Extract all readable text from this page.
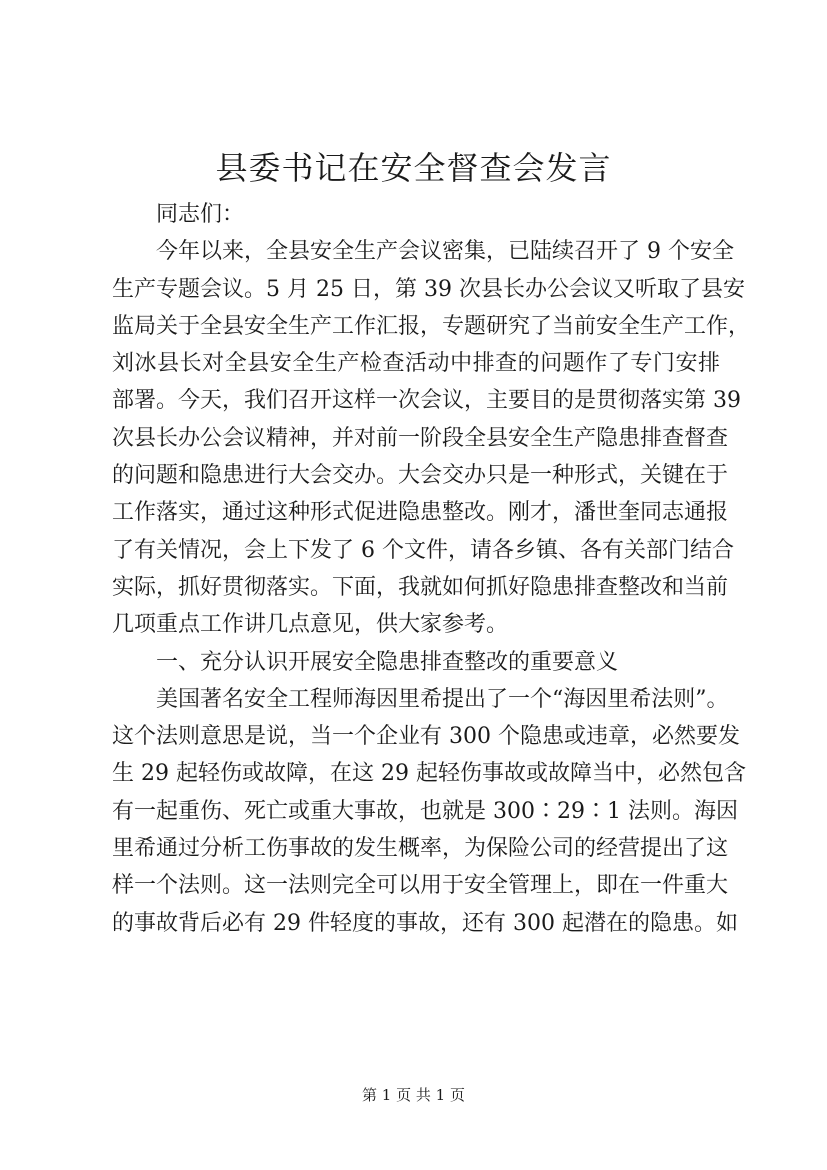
县委书记在安全督查会发言
同志们：
今年以来，全县安全生产会议密集，已陆续召开了 9 个安全
生产专题会议。5 月 25 日，第 39 次县长办公会议又听取了县安
监局关于全县安全生产工作汇报，专题研究了当前安全生产工作，
刘冰县长对全县安全生产检查活动中排查的问题作了专门安排
部署。今天，我们召开这样一次会议，主要目的是贯彻落实第 39
次县长办公会议精神，并对前一阶段全县安全生产隐患排查督查
的问题和隐患进行大会交办。大会交办只是一种形式，关键在于
工作落实，通过这种形式促进隐患整改。刚才，潘世奎同志通报
了有关情况，会上下发了 6 个文件，请各乡镇、各有关部门结合
实际，抓好贯彻落实。下面，我就如何抓好隐患排查整改和当前
几项重点工作讲几点意见，供大家参考。
一、充分认识开展安全隐患排查整改的重要意义
美国著名安全工程师海因里希提出了一个“海因里希法则”。
这个法则意思是说，当一个企业有 300 个隐患或违章，必然要发
生 29 起轻伤或故障，在这 29 起轻伤事故或故障当中，必然包含
有一起重伤、死亡或重大事故，也就是 300∶29∶1 法则。海因
里希通过分析工伤事故的发生概率，为保险公司的经营提出了这
样一个法则。这一法则完全可以用于安全管理上，即在一件重大
的事故背后必有 29 件轻度的事故，还有 300 起潜在的隐患。如
第 1 页 共 1 页
